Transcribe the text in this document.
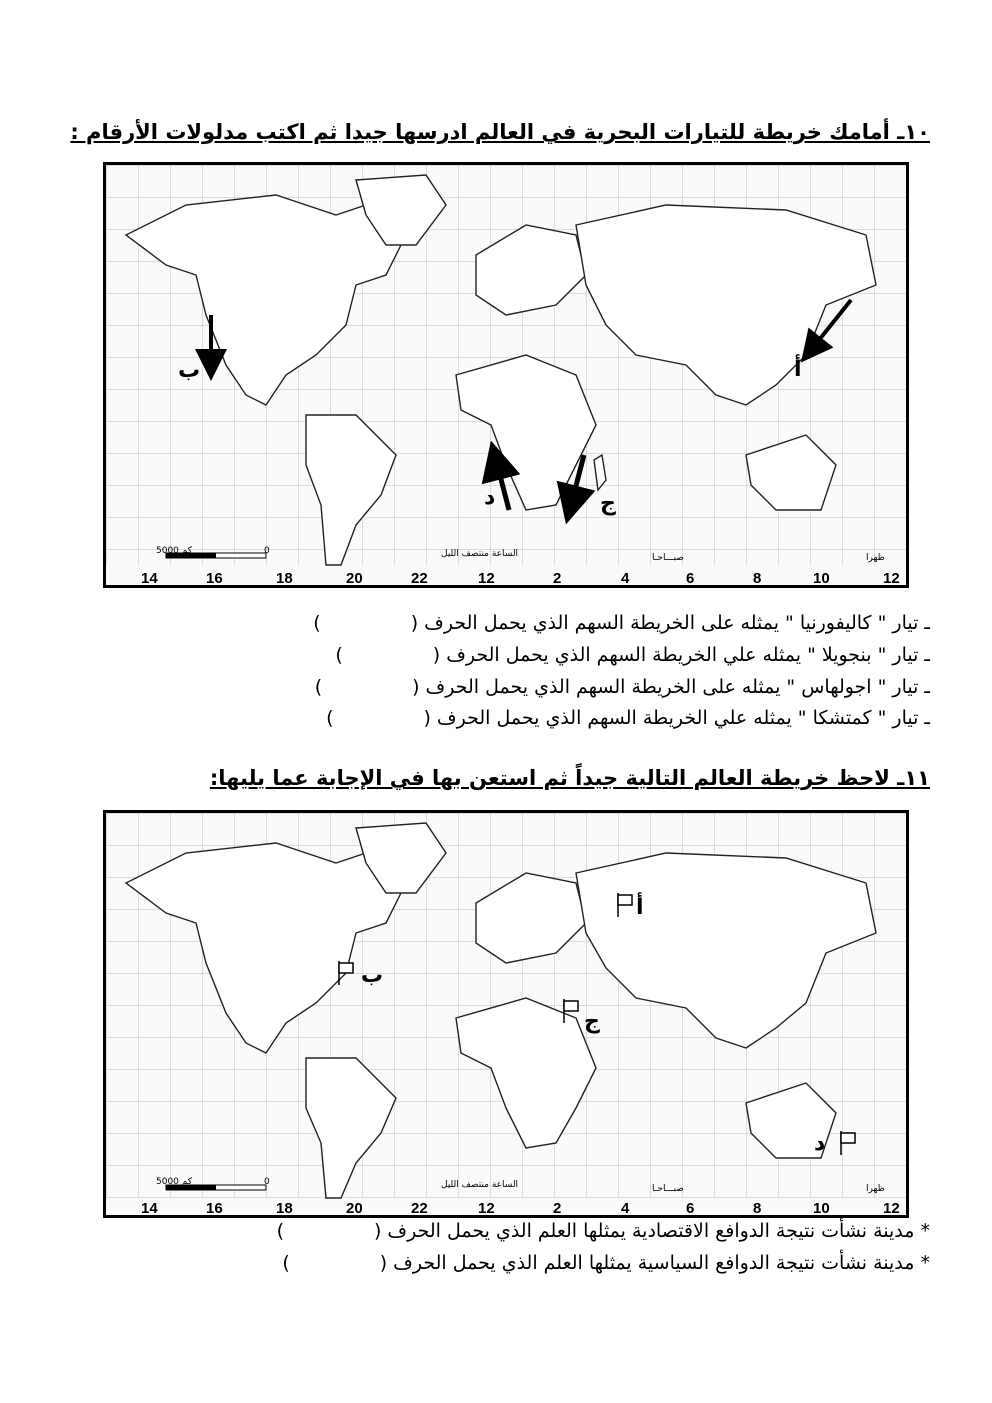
١٠ـ أمامك خريطة للتيارات البحرية في العالم ادرسها جيدا ثم اكتب مدلولات الأرقام :
ب	أ
د	ج
5000 كم	0	الساعة منتصف الليل	صبـــاحـا	ظهرا
14	16	18	20	22	12	2	4	6	8	10	12
ـ تيار " كاليفورنيا " يمثله على الخريطة السهم الذي يحمل الحرف ()
ـ تيار " بنجويلا " يمثله علي الخريطة السهم الذي يحمل الحرف ()
ـ تيار " اجولهاس " يمثله على الخريطة السهم الذي يحمل الحرف ()
ـ تيار " كمتشكا " يمثله علي الخريطة السهم الذي يحمل الحرف ()
١١ـ لاحظ خريطة العالم التالية جيداً ثم استعن بها في الإجابة عما يليها:
أ
ب
ج
د
5000 كم	0	الساعة منتصف الليل	صبـــاحـا	ظهرا
14	16	18	20	22	12	2	4	6	8	10	12
* مدينة نشأت نتيجة الدوافع الاقتصادية يمثلها العلم الذي يحمل الحرف ()
* مدينة نشأت نتيجة الدوافع السياسية يمثلها العلم الذي يحمل الحرف ()
